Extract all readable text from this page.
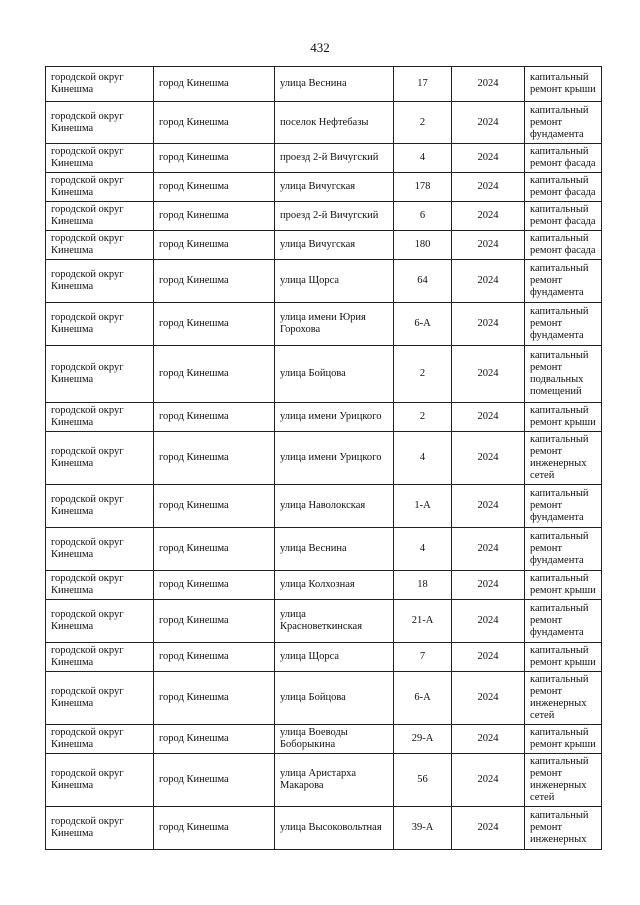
432
городской округ Кинешма	город Кинешма	улица Веснина	17	2024	капитальный ремонт крыши
городской округ Кинешма	город Кинешма	поселок Нефтебазы	2	2024	капитальный ремонт фундамента
городской округ Кинешма	город Кинешма	проезд 2-й Вичугский	4	2024	капитальный ремонт фасада
городской округ Кинешма	город Кинешма	улица Вичугская	178	2024	капитальный ремонт фасада
городской округ Кинешма	город Кинешма	проезд 2-й Вичугский	6	2024	капитальный ремонт фасада
городской округ Кинешма	город Кинешма	улица Вичугская	180	2024	капитальный ремонт фасада
городской округ Кинешма	город Кинешма	улица Щорса	64	2024	капитальный ремонт фундамента
городской округ Кинешма	город Кинешма	улица имени Юрия Горохова	6-А	2024	капитальный ремонт фундамента
городской округ Кинешма	город Кинешма	улица Бойцова	2	2024	капитальный ремонт подвальных помещений
городской округ Кинешма	город Кинешма	улица имени Урицкого	2	2024	капитальный ремонт крыши
городской округ Кинешма	город Кинешма	улица имени Урицкого	4	2024	капитальный ремонт инженерных сетей
городской округ Кинешма	город Кинешма	улица Наволокская	1-А	2024	капитальный ремонт фундамента
городской округ Кинешма	город Кинешма	улица Веснина	4	2024	капитальный ремонт фундамента
городской округ Кинешма	город Кинешма	улица Колхозная	18	2024	капитальный ремонт крыши
городской округ Кинешма	город Кинешма	улица Красноветкинская	21-А	2024	капитальный ремонт фундамента
городской округ Кинешма	город Кинешма	улица Щорса	7	2024	капитальный ремонт крыши
городской округ Кинешма	город Кинешма	улица Бойцова	6-А	2024	капитальный ремонт инженерных сетей
городской округ Кинешма	город Кинешма	улица Воеводы Боборыкина	29-А	2024	капитальный ремонт крыши
городской округ Кинешма	город Кинешма	улица Аристарха Макарова	56	2024	капитальный ремонт инженерных сетей
городской округ Кинешма	город Кинешма	улица Высоковольтная	39-А	2024	капитальный ремонт инженерных
